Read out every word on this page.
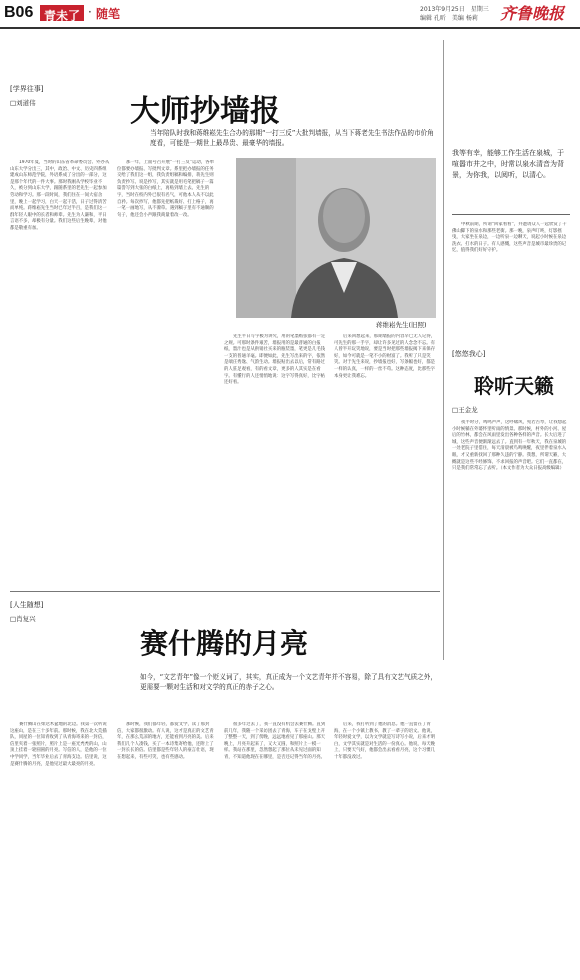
B06 青未了 · 随笔	2013年9月25日　星期三
编辑 孔昕　美编 杨莉 齐鲁晚报
[学界往事]
□刘道伟	大师抄墙报
当年陪队时我和蒋维崧先生合办的那期“一打三反”大批判墙报，从当下蒋老先生书法作品的市价角度看，可能是一期世上最昂贵、最豪华的墙报。

1970年夏，当时的山东省革命委员会、外办从山东大学分出三，其中，政治、中文、历史四系组建成山东师范学院，外语系成了分出的一部分，这是那个年代的一件大事。那时我刚从学校毕业不久，被分到山东大学，跟随系里的老先生一起参加劳动和学习。那一段时间，我们住在一间大宿舍里，晚上一起学习，白天一起干活，日子过得清苦而单纯。蒋维崧先生当时已年过半百，是我们这一群年轻人眼中的长者和师辈。先生为人谦和，平日言语不多，却极有分量。我们这些后生晚辈，对他都是敬重有加。

那一年，上面号召开展“一打三反”运动，各单位都要办墙报、写批判文章。系里把办墙报的任务交给了我们这一组，我负责组稿和编排，蒋先生则负责抄写。说是抄写，其实就是用毛笔把稿子一篇篇誊写到大张的白纸上，再贴到墙上去。先生的字，当时在校内外已很有名气，可他本人从不以此自矜。每次抄写，他都先把纸裁好、打上格子，再一笔一画地写，从不潦草。遇到稿子里有不通顺的句子，他还会小声跟我商量着改一改。

蒋维崧先生(旧照)

先生平日写字极为讲究，用的笔墨纸张都有一定之规。可那时条件艰苦，墙报用的是最普通的白报纸，墨汁也是从供销社买来的瓶装墨，笔更是几毛钱一支的普通羊毫。即便如此，先生写出来的字，依然是端庄秀逸、气韵生动。墙报贴出去以后，常有路过的人驻足观看，有的看文章，更多的人其实是在看字。有懂行的人还悄悄地说：这字写得真好，比字帖还好看。

后来回想起来，那期墙报的内容早已无人记得，可先生的那一手字，却让许多见过的人念念不忘。有人曾半开玩笑地说，要是当时把那些墙报揭下来保存好，如今可就是一笔不小的财富了。我听了只是笑笑。对于先生来说，抄墙报也好，写条幅也好，都是一样的认真，一样的一丝不苟。这种态度，比那些字本身更让我难忘。

我等有幸，能够工作生活在泉城，于喧嚣市井之中，时常以泉水清音为背景，为你我，以阅听，以清心。

中秋前期，所谓“回家看看”，并邀请众人一起欣赏了千佛山脚下的泉水和那些老街。那一晚，泉声叮咚，灯影摇曳，大家坐在泉边，一边听泉一边聊天，说起小时候在泉边洗衣、打水的日子。有人感慨，这些声音是城市最珍贵的记忆，值得我们好好守护。

[悠悠我心]
聆听天籁
□王金龙

夜半时分，鸣鸣声声，这呼啸风，宛若古琴，让我想起小时候躺在外婆怀里听雨的情景。那时候，村外的小河、屋后的竹林，都会在风雨里发出各种各样的声音。长大后进了城，这些声音便渐渐远去了。直到有一年秋天，我在泉城的一处老院子里借住，每天清晨被鸟鸣唤醒，夜里伴着泉水入眠，才又重新找回了那种久违的宁静。我想，所谓天籁，大概就是这些不经修饰、不求回报的声音吧。它们一直都在，只是我们常常忘了去听。（本文作者为大众日报高级编辑）

[人生随想]
□肖复兴
赛什腾的月亮
如今，“文艺青年”像一个贬义词了，其实，真正成为一个文艺青年并不容易，除了具有文艺气质之外，更需要一颗对生活和对文学的真正的赤子之心。

赛什腾山在柴达木盆地的北边。我第一次听说这座山，是在三十多年前。那时候，我在北大荒插队，同屋的一位知青收到了从青海寄来的一封信，信里夹着一张照片，照片上是一座光秃秃的山，山顶上挂着一轮圆圆的月亮。写信的人，是他的一位中学同学，当年毕业后去了青海支边。信里说，这是赛什腾的月亮，是他见过最大最亮的月亮。

那时候，我们都年轻，都爱文学，读了那封信，大家都很激动。有人说，这才是真正的文艺青年，在那么荒凉的地方，还能看到月亮的美。后来我们几个人凑钱，买了一本诗集寄给他，还附上了一封长长的信。信里都是些年轻人的豪言壮语，现在想起来，有些可笑，也有些感动。

很多年过去了，我一直没有机会去赛什腾。直到前几年，我随一个采访团去了青海，车子在戈壁上开了整整一天，到了傍晚，远远地看见了那座山。那天晚上，月亮升起来了，又大又圆，和照片上一模一样。我站在那里，忽然想起了那位从未见过面的知青，不知道他现在在哪里，是否还记得当年的月亮。

后来，我打听到了他的消息。他一直留在了青海，在一个小镇上教书，教了一辈子的语文。他说，年轻时爱文学，以为文学就是写诗写小说，后来才明白，文学其实就是对生活的一份真心。他说，每天晚上，只要天气好，他都会出去看看月亮，这个习惯几十年都没改过。
